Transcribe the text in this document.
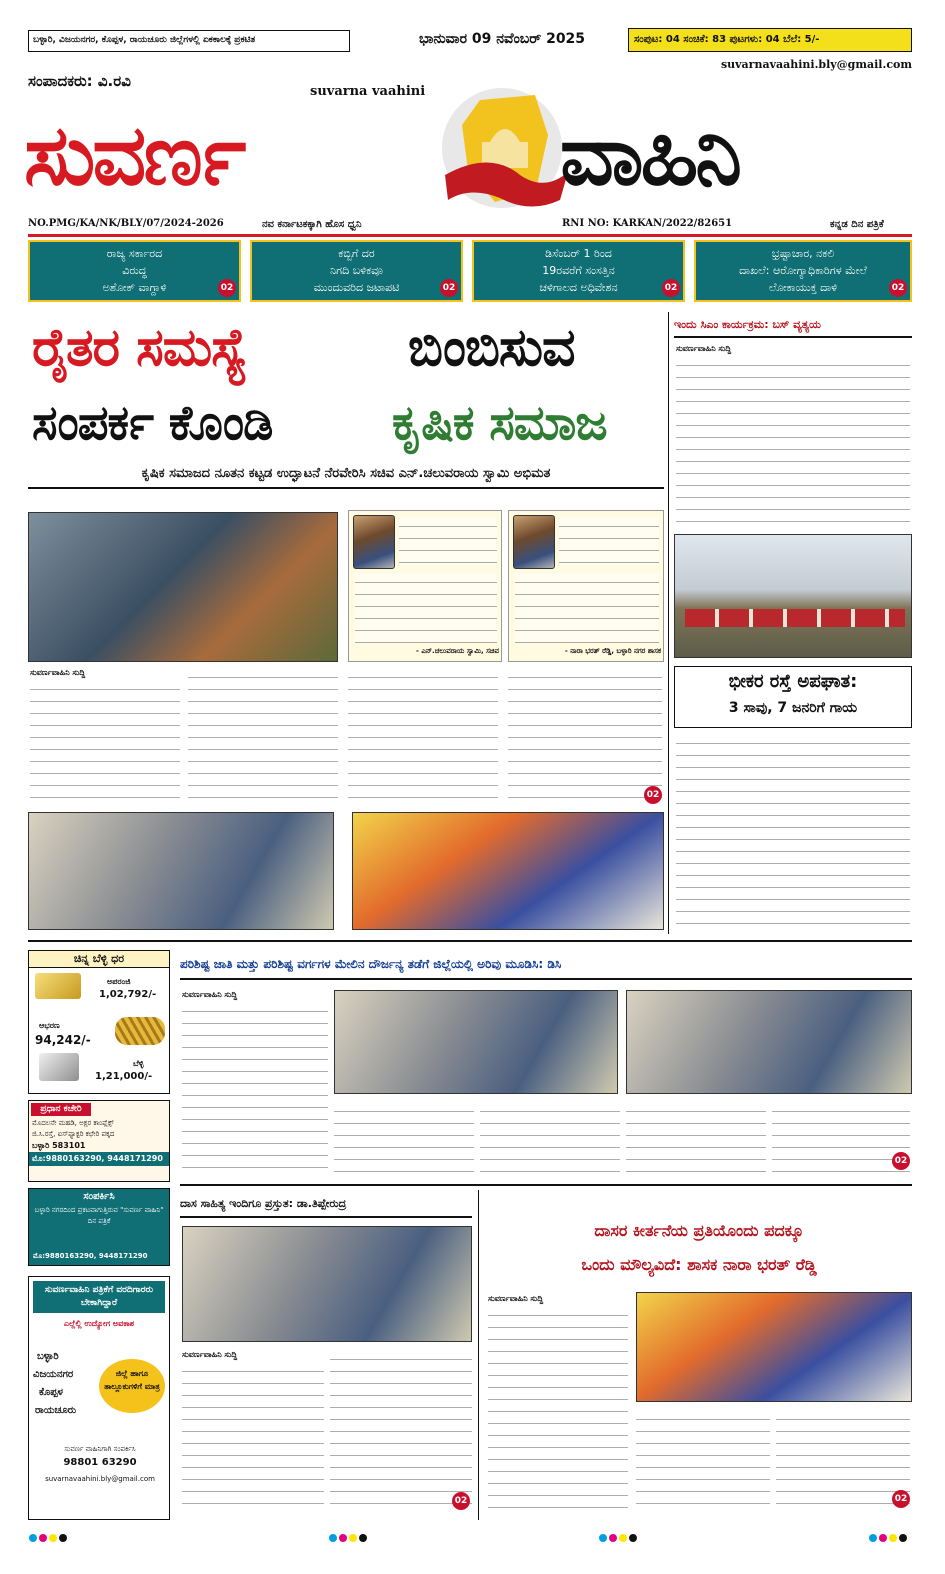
ಬಳ್ಳಾರಿ, ವಿಜಯನಗರ, ಕೊಪ್ಪಳ, ರಾಯಚೂರು ಜಿಲ್ಲೆಗಳಲ್ಲಿ ಏಕಕಾಲಕ್ಕೆ ಪ್ರಕಟಿತ	ಭಾನುವಾರ 09 ನವೆಂಬರ್ 2025	ಸಂಪುಟ: 04 ಸಂಚಿಕೆ: 83 ಪುಟಗಳು: 04 ಬೆಲೆ: 5/-
suvarnavaahini.bly@gmail.com
ಸಂಪಾದಕರು: ವಿ.ರವಿ
suvarna vaahini
ಸುವರ್ಣ	ವಾಹಿನಿ
NO.PMG/KA/NK/BLY/07/2024-2026	ನವ ಕರ್ನಾಟಕಕ್ಕಾಗಿ ಹೊಸ ಧ್ವನಿ	RNI NO: KARKAN/2022/82651	ಕನ್ನಡ ದಿನ ಪತ್ರಿಕೆ
ರಾಜ್ಯ ಸರ್ಕಾರದ
ವಿರುದ್ಧ
ಅಶೋಕ್ ವಾಗ್ದಾಳಿ	02
ಕಬ್ಬಿಗೆ ದರ
ನಿಗದಿ ಬಳಿಕವೂ
ಮುಂದುವರಿದ ಜಟಾಪಟಿ	02
ಡಿಸೆಂಬರ್ 1 ರಿಂದ
19ರವರೆಗೆ ಸಂಸತ್ತಿನ
ಚಳಿಗಾಲದ ಅಧಿವೇಶನ	02
ಭ್ರಷ್ಟಾಚಾರ, ನಕಲಿ
ದಾಖಲೆ: ಆರೋಗ್ಯಾಧಿಕಾರಿಗಳ ಮೇಲೆ
ಲೋಕಾಯುಕ್ತ ದಾಳಿ	02
ರೈತರ ಸಮಸ್ಯೆ	ಬಿಂಬಿಸುವ
ಸಂಪರ್ಕ ಕೊಂಡಿ ಕೃಷಿಕ ಸಮಾಜ
ಕೃಷಿಕ ಸಮಾಜದ ನೂತನ ಕಟ್ಟಡ ಉದ್ಘಾಟನೆ ನೆರವೇರಿಸಿ ಸಚಿವ ಎನ್.ಚಲುವರಾಯ ಸ್ವಾಮಿ ಅಭಿಮತ
- ಎನ್.ಚಲುವರಾಯ ಸ್ವಾಮಿ, ಸಚಿವ	- ನಾರಾ ಭರತ್ ರೆಡ್ಡಿ, ಬಳ್ಳಾರಿ ನಗರ ಶಾಸಕ
ಸುವರ್ಣವಾಹಿನಿ ಸುದ್ದಿ
02
ಇಂದು ಸಿಎಂ ಕಾರ್ಯಕ್ರಮ: ಬಸ್ ವ್ಯತ್ಯಯ
ಸುವರ್ಣವಾಹಿನಿ ಸುದ್ದಿ
ಭೀಕರ ರಸ್ತೆ ಅಪಘಾತ:
3 ಸಾವು, 7 ಜನರಿಗೆ ಗಾಯ
ಚಿನ್ನ ಬೆಳ್ಳಿ ಧರ
ಅಪರಂಜಿ
1,02,792/-
ಆಭರಣ
94,242/-
ಬೆಳ್ಳಿ
1,21,000/-
ಪ್ರಧಾನ ಕಚೇರಿ
ಮೊದಲನೇ ಮಹಡಿ, ಅಕ್ಷರ ಕಾಂಪ್ಲೆಕ್ಸ್
ಜಿ.ಸಿ.ರಸ್ತೆ, ಐಸ್‌ಫ್ಯಾಕ್ಟರಿ ಕಛೇರಿ ಪಕ್ಕದ
ಬಳ್ಳಾರಿ 583101
ಮೊ:9880163290, 9448171290
ಸಂಪರ್ಕಿಸಿ
ಬಳ್ಳಾರಿ ನಗರದಿಂದ ಪ್ರಕಟವಾಗುತ್ತಿರುವ "ಸುವರ್ಣ ವಾಹಿನಿ" ದಿನ ಪತ್ರಿಕೆ
ಮೊ:9880163290, 9448171290
ಸುವರ್ಣವಾಹಿನಿ ಪತ್ರಿಕೆಗೆ ವರದಿಗಾರರು ಬೇಕಾಗಿದ್ದಾರೆ
ಎಲ್ಲೆಲ್ಲಿ ಉದ್ಯೋಗ ಅವಕಾಶ
ಬಳ್ಳಾರಿ
ವಿಜಯನಗರ
ಕೊಪ್ಪಳ
ರಾಯಚೂರು
ಜಿಲ್ಲೆ ಹಾಗೂ ತಾಲ್ಲೂಕುಗಳಿಗೆ ಮಾತ್ರ
ಸುವರ್ಣ ವಾಹಿನಿಗಾಗಿ ಸಂಪರ್ಕಿಸಿ
98801 63290
suvarnavaahini.bly@gmail.com
ಪರಿಶಿಷ್ಟ ಜಾತಿ ಮತ್ತು ಪರಿಶಿಷ್ಟ ವರ್ಗಗಳ ಮೇಲಿನ ದೌರ್ಜನ್ಯ ತಡೆಗೆ ಜಿಲ್ಲೆಯಲ್ಲಿ ಅರಿವು ಮೂಡಿಸಿ: ಡಿಸಿ
ಸುವರ್ಣವಾಹಿನಿ ಸುದ್ದಿ
02
ದಾಸ ಸಾಹಿತ್ಯ ಇಂದಿಗೂ ಪ್ರಸ್ತುತ: ಡಾ.ತಿಪ್ಪೇರುದ್ರ
ಸುವರ್ಣವಾಹಿನಿ ಸುದ್ದಿ
02
ದಾಸರ ಕೀರ್ತನೆಯ ಪ್ರತಿಯೊಂದು ಪದಕ್ಕೂ
ಒಂದು ಮೌಲ್ಯವಿದೆ: ಶಾಸಕ ನಾರಾ ಭರತ್ ರೆಡ್ಡಿ
ಸುವರ್ಣವಾಹಿನಿ ಸುದ್ದಿ
02
